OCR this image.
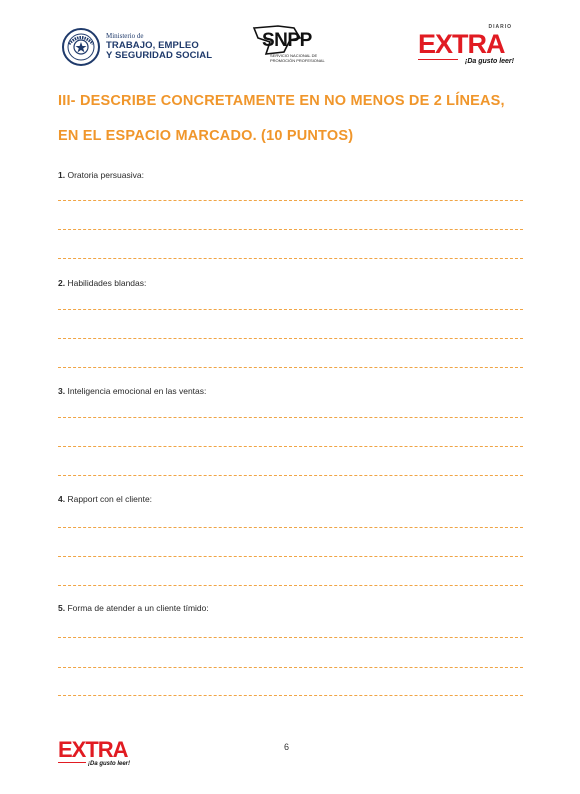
Ministerio de
TRABAJO, EMPLEO
Y SEGURIDAD SOCIAL
SNPP
SERVICIO NACIONAL DE PROMOCIÓN PROFESIONAL
DIARIO
EXTRA
¡Da gusto leer!
III- DESCRIBE CONCRETAMENTE EN NO MENOS DE 2 LÍNEAS,
EN EL ESPACIO MARCADO. (10 PUNTOS)
1. Oratoria persuasiva:
2. Habilidades blandas:
3. Inteligencia emocional en las ventas:
4. Rapport con el cliente:
5. Forma de atender a un cliente tímido:
EXTRA
¡Da gusto leer!
6
